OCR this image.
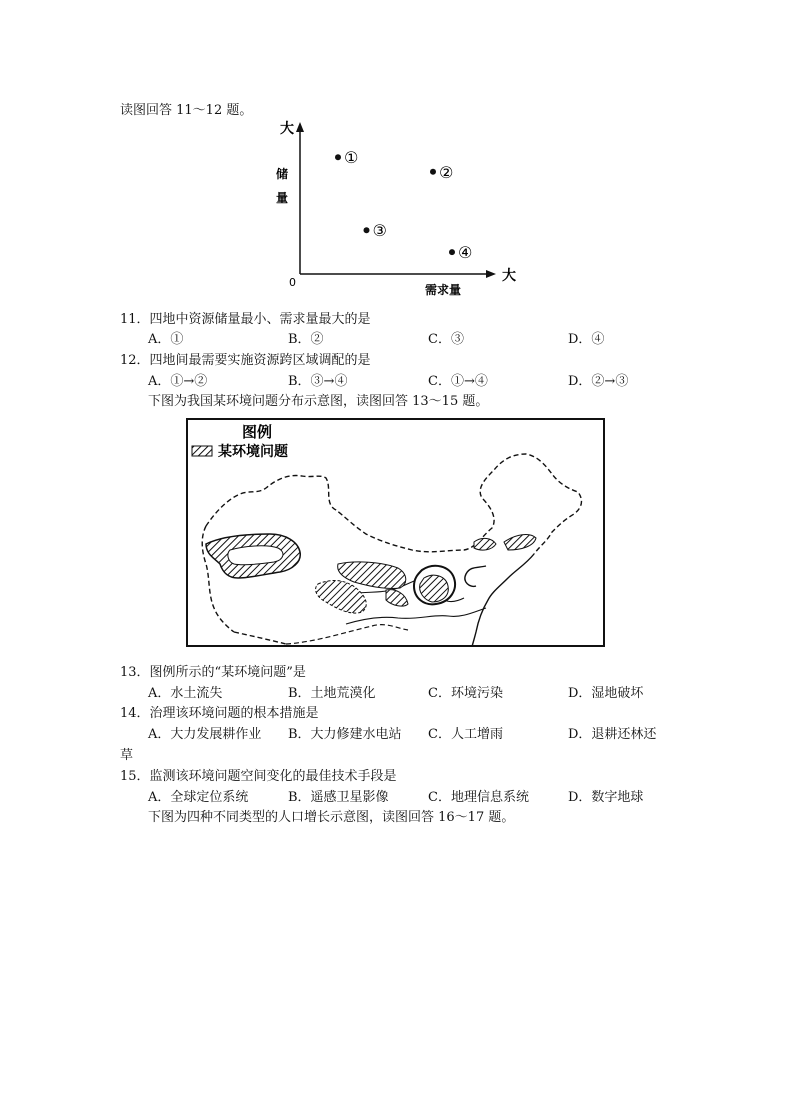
读图回答 11～12 题。
大
大
0
需求量
储
量
①
②
③
④
11．四地中资源储量最小、需求量最大的是
A．①	B．②	C．③	D．④
12．四地间最需要实施资源跨区域调配的是
A．①→②	B．③→④	C．①→④	D．②→③
下图为我国某环境问题分布示意图，读图回答 13～15 题。
图例
某环境问题
13．图例所示的“某环境问题”是
A．水土流失	B．土地荒漠化	C．环境污染	D．湿地破坏
14．治理该环境问题的根本措施是
A．大力发展耕作业 B．大力修建水电站 C．人工增雨	D．退耕还林还
草
15．监测该环境问题空间变化的最佳技术手段是
A．全球定位系统	B．遥感卫星影像	C．地理信息系统	D．数字地球
下图为四种不同类型的人口增长示意图，读图回答 16～17 题。
